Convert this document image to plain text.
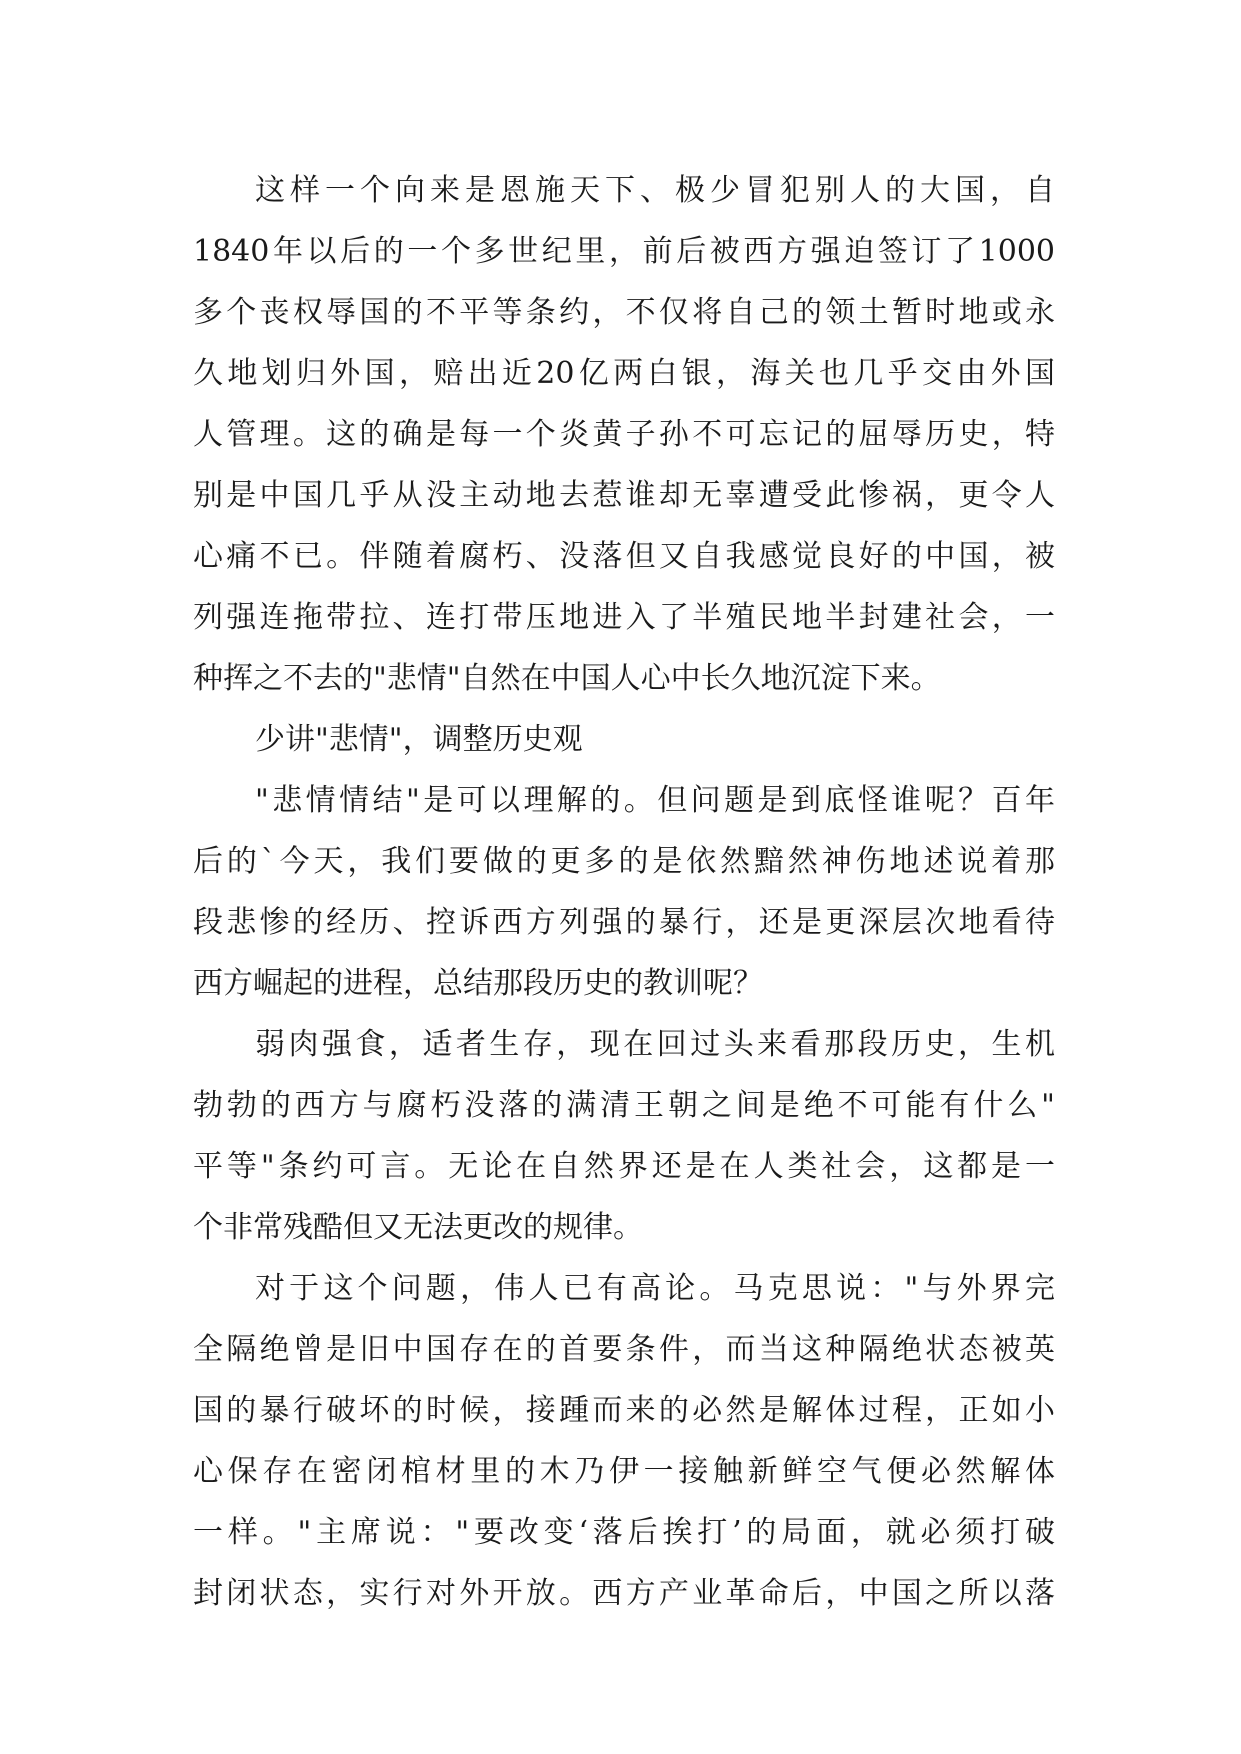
这样一个向来是恩施天下、极少冒犯别人的大国，自
1840年以后的一个多世纪里，前后被西方强迫签订了1000
多个丧权辱国的不平等条约，不仅将自己的领土暂时地或永
久地划归外国，赔出近20亿两白银，海关也几乎交由外国
人管理。这的确是每一个炎黄子孙不可忘记的屈辱历史，特
别是中国几乎从没主动地去惹谁却无辜遭受此惨祸，更令人
心痛不已。伴随着腐朽、没落但又自我感觉良好的中国，被
列强连拖带拉、连打带压地进入了半殖民地半封建社会，一
种挥之不去的"悲情"自然在中国人心中长久地沉淀下来。
少讲"悲情"，调整历史观
"悲情情结"是可以理解的。但问题是到底怪谁呢？百年
后的`今天，我们要做的更多的是依然黯然神伤地述说着那
段悲惨的经历、控诉西方列强的暴行，还是更深层次地看待
西方崛起的进程，总结那段历史的教训呢？
弱肉强食，适者生存，现在回过头来看那段历史，生机
勃勃的西方与腐朽没落的满清王朝之间是绝不可能有什么"
平等"条约可言。无论在自然界还是在人类社会，这都是一
个非常残酷但又无法更改的规律。
对于这个问题，伟人已有高论。马克思说："与外界完
全隔绝曾是旧中国存在的首要条件，而当这种隔绝状态被英
国的暴行破坏的时候，接踵而来的必然是解体过程，正如小
心保存在密闭棺材里的木乃伊一接触新鲜空气便必然解体
一样。"主席说："要改变‘落后挨打’的局面，就必须打破
封闭状态，实行对外开放。西方产业革命后，中国之所以落
